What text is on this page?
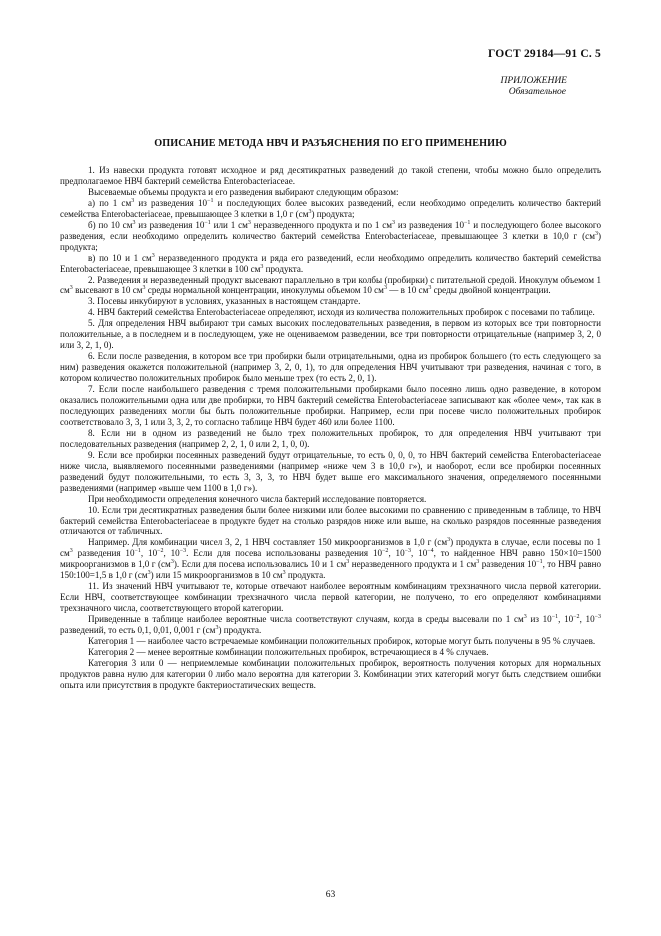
ГОСТ 29184—91 С. 5
ПРИЛОЖЕНИЕ
Обязательное
ОПИСАНИЕ МЕТОДА НВЧ И РАЗЪЯСНЕНИЯ ПО ЕГО ПРИМЕНЕНИЮ

1. Из навески продукта готовят исходное и ряд десятикратных разведений до такой степени, чтобы можно было определить предполагаемое НВЧ бактерий семейства Enterobacteriaceae.

Высеваемые объемы продукта и его разведения выбирают следующим образом:

а) по 1 $см^3$ из разведения $10^{-1}$ и последующих более высоких разведений, если необходимо определить количество бактерий семейства Enterobacteriaceae, превышающее 3 клетки в 1,0 г $(см^3)$ продукта;

б) по 10 $см^3$ из разведения $10^{-1}$ или 1 $см^3$ неразведенного продукта и по 1 $см^3$ из разведения $10^{-1}$ и последующего более высокого разведения, если необходимо определить количество бактерий семейства Enterobacteriaceae, превышающее 3 клетки в 10,0 г $(см^3)$ продукта;

в) по 10 и 1 $см^3$ неразведенного продукта и ряда его разведений, если необходимо определить количество бактерий семейства Enterobacteriaceae, превышающее 3 клетки в 100 $см^3$ продукта.

2. Разведения и неразведенный продукт высевают параллельно в три колбы (пробирки) с питательной средой. Инокулум объемом 1 $см^3$ высевают в 10 $см^3$ среды нормальной концентрации, инокулумы объемом 10 $см^3$ — в 10 $см^3$ среды двойной концентрации.

3. Посевы инкубируют в условиях, указанных в настоящем стандарте.

4. НВЧ бактерий семейства Enterobacteriaceae определяют, исходя из количества положительных пробирок с посевами по таблице.

5. Для определения НВЧ выбирают три самых высоких последовательных разведения, в первом из которых все три повторности положительные, а в последнем и в последующем, уже не оцениваемом разведении, все три повторности отрицательные (например 3, 2, 0 или 3, 2, 1, 0).

6. Если после разведения, в котором все три пробирки были отрицательными, одна из пробирок большего (то есть следующего за ним) разведения окажется положительной (например 3, 2, 0, 1), то для определения НВЧ учитывают три разведения, начиная с того, в котором количество положительных пробирок было меньше трех (то есть 2, 0, 1).

7. Если после наибольшего разведения с тремя положительными пробирками было посеяно лишь одно разведение, в котором оказались положительными одна или две пробирки, то НВЧ бактерий семейства Enterobacteriaceae записывают как «более чем», так как в последующих разведениях могли бы быть положительные пробирки. Например, если при посеве число положительных пробирок соответствовало 3, 3, 1 или 3, 3, 2, то согласно таблице НВЧ будет 460 или более 1100.

8. Если ни в одном из разведений не было трех положительных пробирок, то для определения НВЧ учитывают три последовательных разведения (например 2, 2, 1, 0 или 2, 1, 0, 0).

9. Если все пробирки посеянных разведений будут отрицательные, то есть 0, 0, 0, то НВЧ бактерий семейства Enterobacteriaceae ниже числа, выявляемого посеянными разведениями (например «ниже чем 3 в 10,0 г»), и наоборот, если все пробирки посеянных разведений будут положительными, то есть 3, 3, 3, то НВЧ будет выше его максимального значения, определяемого посеянными разведениями (например «выше чем 1100 в 1,0 г»).

При необходимости определения конечного числа бактерий исследование повторяется.

10. Если три десятикратных разведения были более низкими или более высокими по сравнению с приведенным в таблице, то НВЧ бактерий семейства Enterobacteriaceae в продукте будет на столько разрядов ниже или выше, на сколько разрядов посеянные разведения отличаются от табличных.

Например. Для комбинации чисел 3, 2, 1 НВЧ составляет 150 микроорганизмов в 1,0 г $(см^3)$ продукта в случае, если посевы по 1 $см^3$ разведения $10^{-1}$, $10^{-2}$, $10^{-3}$. Если для посева использованы разведения $10^{-2}$, $10^{-3}$, $10^{-4}$, то найденное НВЧ равно 150×10=1500 микроорганизмов в 1,0 г $(см^3)$. Если для посева использовались 10 и 1 $см^3$ неразведенного продукта и 1 $см^3$ разведения $10^{-1}$, то НВЧ равно 150:100=1,5 в 1,0 г $(см^3)$ или 15 микроорганизмов в 10 $см^3$ продукта.

11. Из значений НВЧ учитывают те, которые отвечают наиболее вероятным комбинациям трехзначного числа первой категории. Если НВЧ, соответствующее комбинации трехзначного числа первой категории, не получено, то его определяют комбинациями трехзначного числа, соответствующего второй категории.

Приведенные в таблице наиболее вероятные числа соответствуют случаям, когда в среды высевали по 1 $см^3$ из $10^{-1}$, $10^{-2}$, $10^{-3}$ разведений, то есть 0,1, 0,01, 0,001 г $(см^3)$ продукта.

Категория 1 — наиболее часто встречаемые комбинации положительных пробирок, которые могут быть получены в 95 % случаев.

Категория 2 — менее вероятные комбинации положительных пробирок, встречающиеся в 4 % случаев.

Категория 3 или 0 — неприемлемые комбинации положительных пробирок, вероятность получения которых для нормальных продуктов равна нулю для категории 0 либо мало вероятна для категории 3. Комбинации этих категорий могут быть следствием ошибки опыта или присутствия в продукте бактериостатических веществ.

63
